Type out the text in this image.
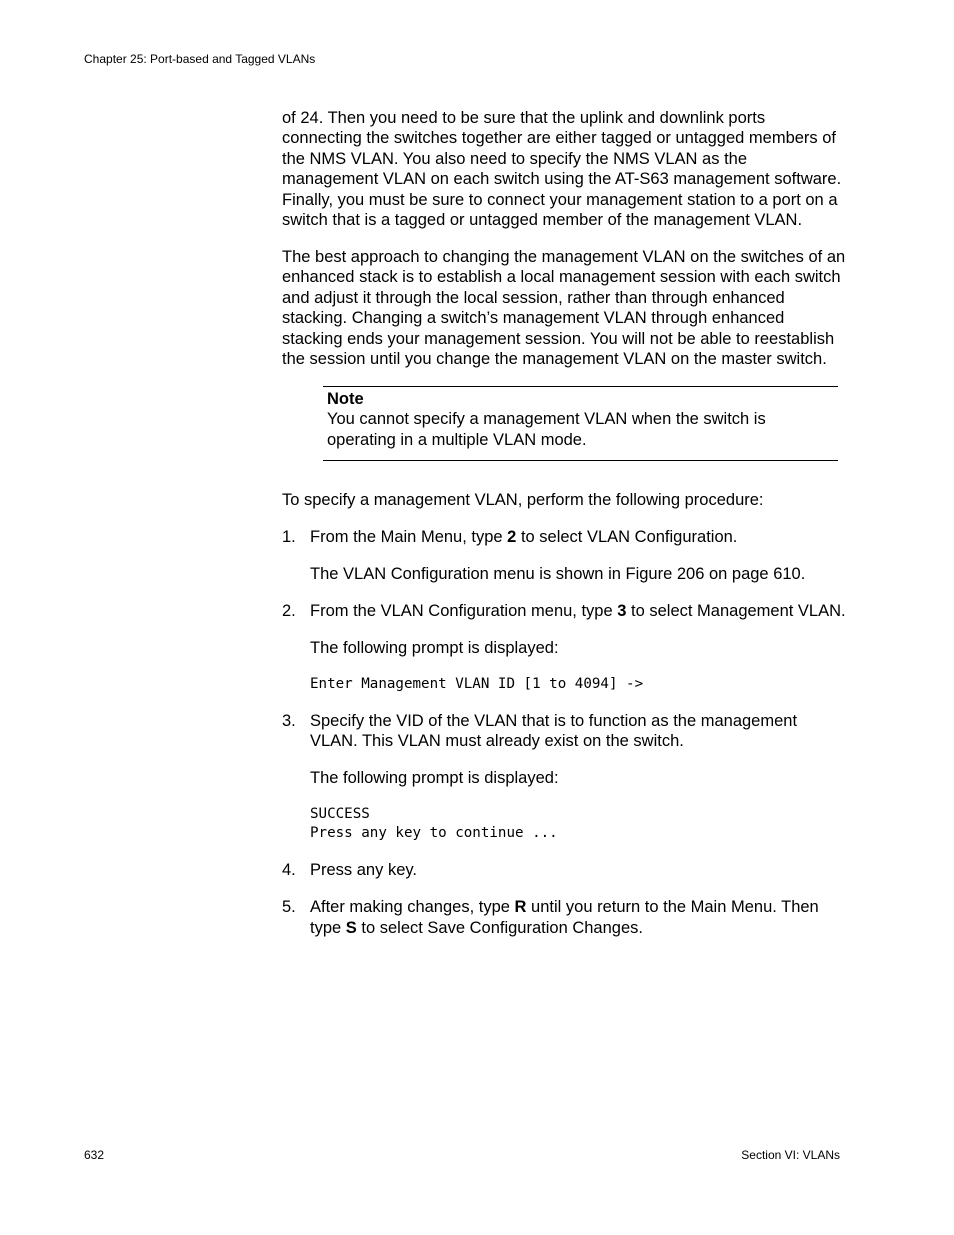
Chapter 25: Port-based and Tagged VLANs

of 24. Then you need to be sure that the uplink and downlink ports connecting the switches together are either tagged or untagged members of the NMS VLAN. You also need to specify the NMS VLAN as the management VLAN on each switch using the AT-S63 management software. Finally, you must be sure to connect your management station to a port on a switch that is a tagged or untagged member of the management VLAN.

The best approach to changing the management VLAN on the switches of an enhanced stack is to establish a local management session with each switch and adjust it through the local session, rather than through enhanced stacking. Changing a switch’s management VLAN through enhanced stacking ends your management session. You will not be able to reestablish the session until you change the management VLAN on the master switch.

Note
You cannot specify a management VLAN when the switch is operating in a multiple VLAN mode.

To specify a management VLAN, perform the following procedure:

1. From the Main Menu, type 2 to select VLAN Configuration.

The VLAN Configuration menu is shown in Figure 206 on page 610.

2. From the VLAN Configuration menu, type 3 to select Management VLAN.

The following prompt is displayed:

Enter Management VLAN ID [1 to 4094] ->
3. Specify the VID of the VLAN that is to function as the management VLAN. This VLAN must already exist on the switch.

The following prompt is displayed:

SUCCESS
Press any key to continue ...
4. Press any key.
5. After making changes, type R until you return to the Main Menu. Then type S to select Save Configuration Changes.
632	Section VI: VLANs
